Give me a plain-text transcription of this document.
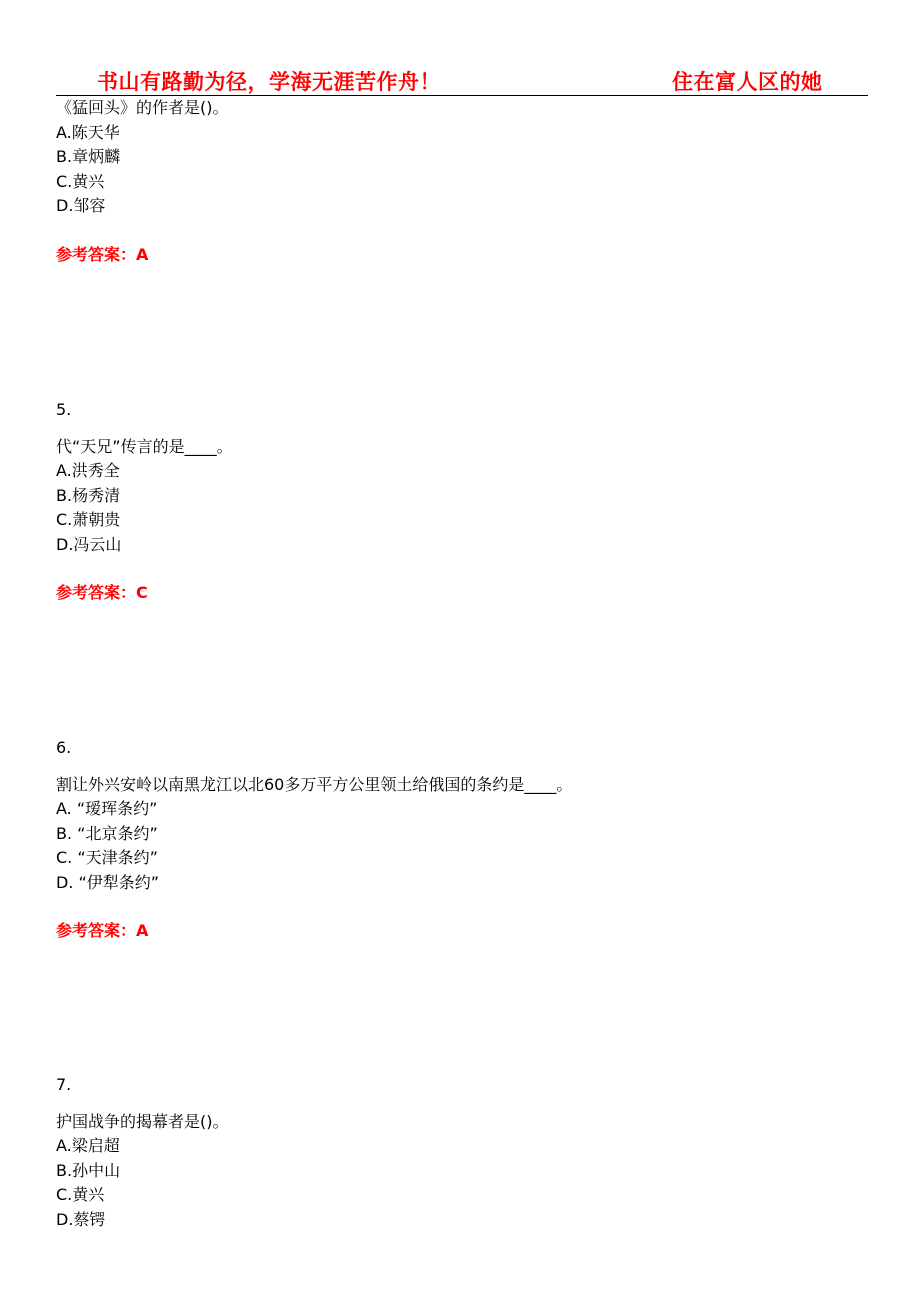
书山有路勤为径，学海无涯苦作舟！	住在富人区的她
《猛回头》的作者是()。
A.陈天华
B.章炳麟
C.黄兴
D.邹容
参考答案：A
5.
代“天兄”传言的是____。
A.洪秀全
B.杨秀清
C.萧朝贵
D.冯云山
参考答案：C
6.
割让外兴安岭以南黑龙江以北60多万平方公里领土给俄国的条约是____。
A. “瑷珲条约”
B. “北京条约”
C. “天津条约”
D. “伊犁条约”
参考答案：A
7.
护国战争的揭幕者是()。
A.梁启超
B.孙中山
C.黄兴
D.蔡锷
